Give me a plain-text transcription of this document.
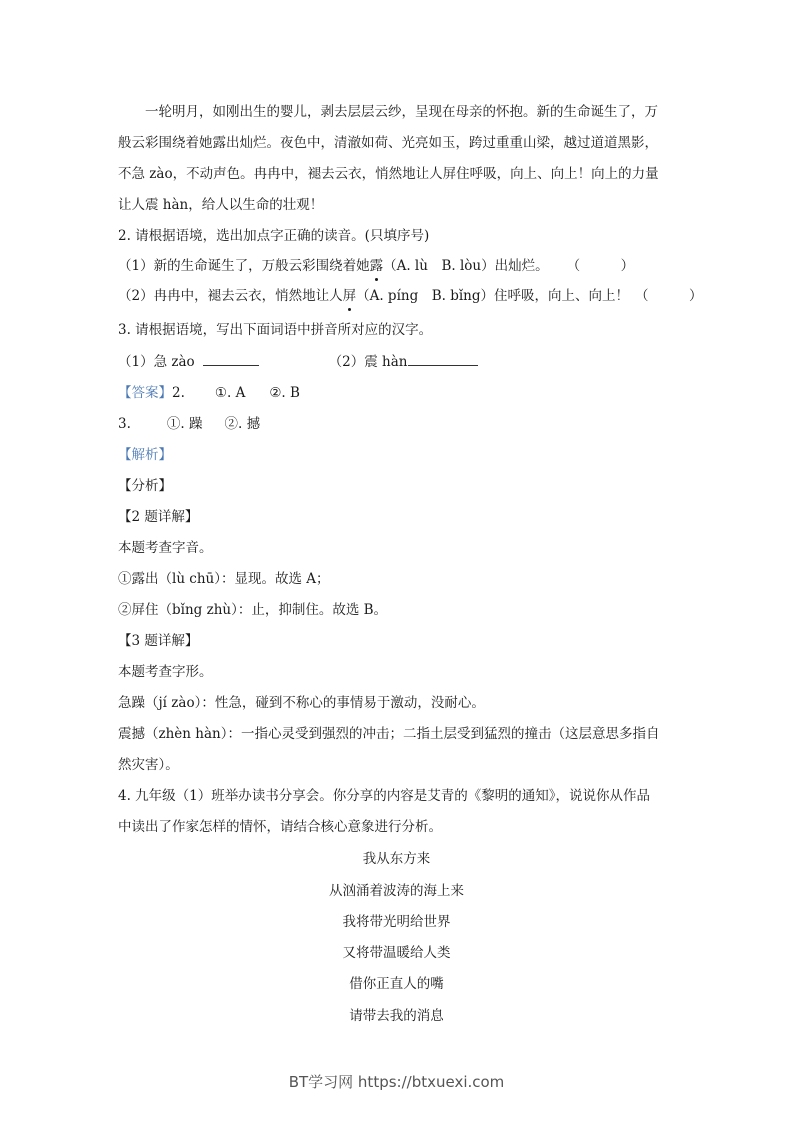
　　一轮明月，如刚出生的婴儿，剥去层层云纱，呈现在母亲的怀抱。新的生命诞生了，万
般云彩围绕着她露出灿烂。夜色中，清澈如荷、光亮如玉，跨过重重山梁，越过道道黑影，
不急 zào，不动声色。冉冉中，褪去云衣，悄然地让人屏住呼吸，向上、向上！向上的力量
让人震 hàn，给人以生命的壮观！
2. 请根据语境，选出加点字正确的读音。(只填序号)
（1）新的生命诞生了，万般云彩围绕着她露（A. lù　B. lòu）出灿烂。 （　　　）
（2）冉冉中，褪去云衣，悄然地让人屏（A. píng　B. bǐng）住呼吸，向上、向上！ （　　　）
3. 请根据语境，写出下面词语中拼音所对应的汉字。
（1）急 zào	（2）震 hàn
【答案】2. ①. A ②. B
3.	①. 躁 ②. 撼
【解析】
【分析】
【2 题详解】
本题考查字音。
①露出（lù chū）：显现。故选 A；
②屏住（bǐng zhù）：止，抑制住。故选 B。
【3 题详解】
本题考查字形。
急躁（jí zào）：性急，碰到不称心的事情易于激动，没耐心。
震撼（zhèn hàn）：一指心灵受到强烈的冲击；二指土层受到猛烈的撞击（这层意思多指自
然灾害）。
4. 九年级（1）班举办读书分享会。你分享的内容是艾青的《黎明的通知》，说说你从作品
中读出了作家怎样的情怀，请结合核心意象进行分析。
我从东方来
从汹涌着波涛的海上来
我将带光明给世界
又将带温暖给人类
借你正直人的嘴
请带去我的消息
BT学习网 https://btxuexi.com
